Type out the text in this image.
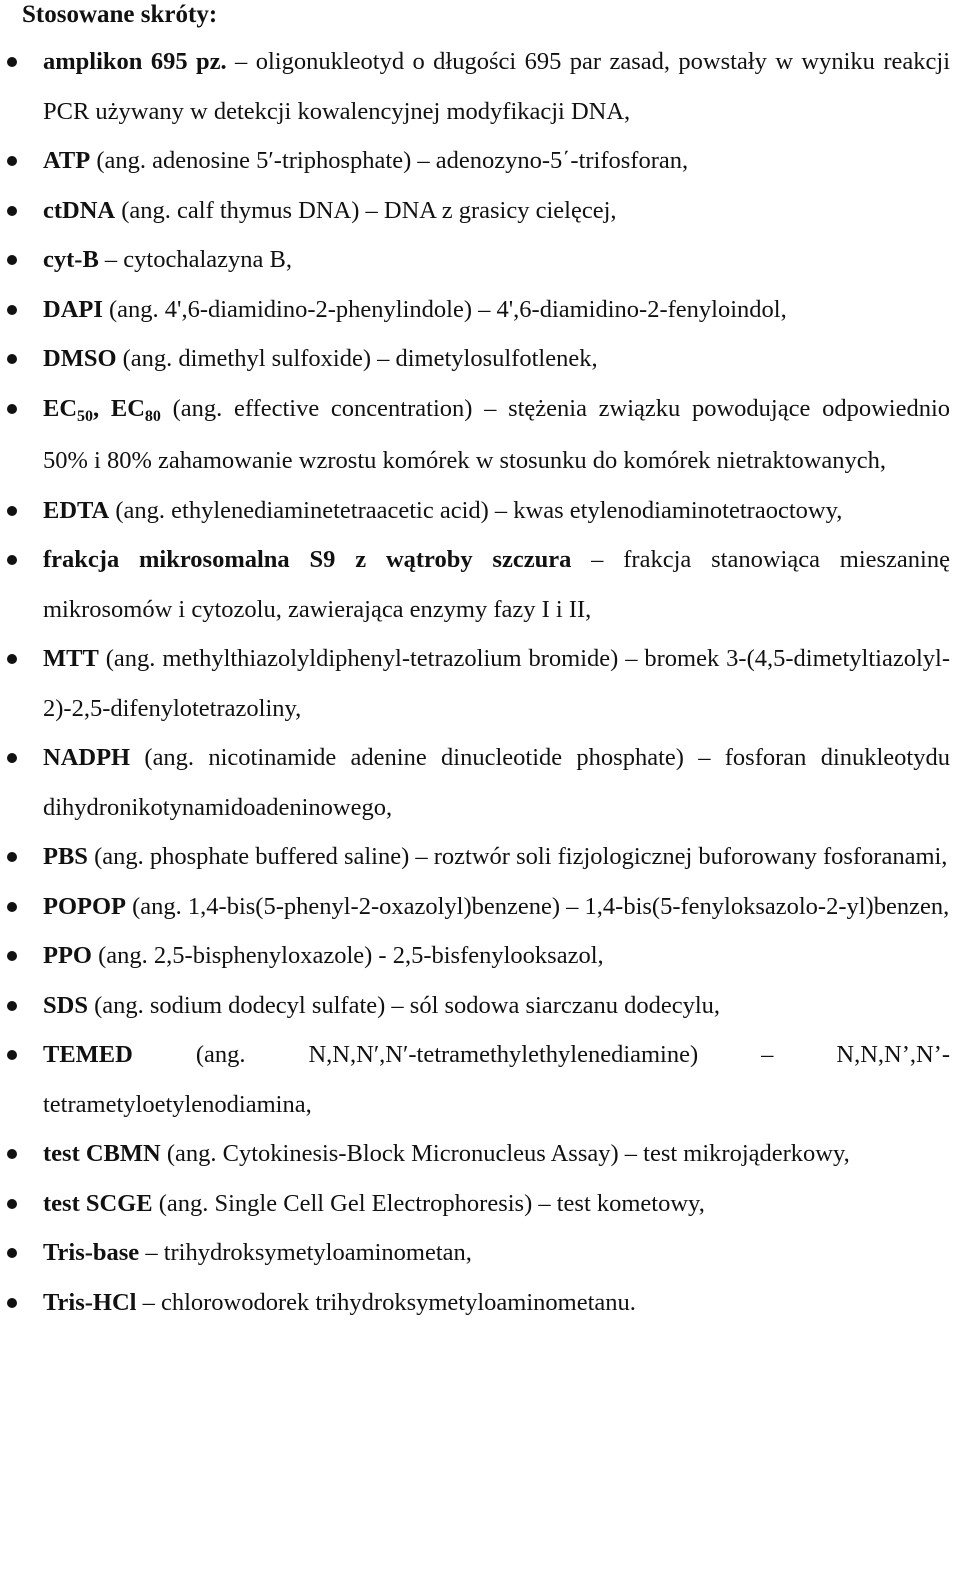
Stosowane skróty:
amplikon 695 pz. – oligonukleotyd o długości 695 par zasad, powstały w wyniku reakcji PCR używany w detekcji kowalencyjnej modyfikacji DNA,
ATP (ang. adenosine 5′-triphosphate) – adenozyno-5΄-trifosforan,
ctDNA (ang. calf thymus DNA) – DNA z grasicy cielęcej,
cyt-B – cytochalazyna B,
DAPI (ang. 4',6-diamidino-2-phenylindole) – 4',6-diamidino-2-fenyloindol,
DMSO (ang. dimethyl sulfoxide) – dimetylosulfotlenek,
$EC_{50}$, $EC_{80}$ (ang. effective concentration) – stężenia związku powodujące odpowiednio 50% i 80% zahamowanie wzrostu komórek w stosunku do komórek nietraktowanych,
EDTA (ang. ethylenediaminetetraacetic acid) – kwas etylenodiaminotetraoctowy,
frakcja mikrosomalna S9 z wątroby szczura – frakcja stanowiąca mieszaninę mikrosomów i cytozolu, zawierająca enzymy fazy I i II,
MTT (ang. methylthiazolyldiphenyl-tetrazolium bromide) – bromek 3-(4,5-dimetyltiazolyl-2)-2,5-difenylotetrazoliny,
NADPH (ang. nicotinamide adenine dinucleotide phosphate) – fosforan dinukleotydu dihydronikotynamidoadeninowego,
PBS (ang. phosphate buffered saline) – roztwór soli fizjologicznej buforowany fosforanami,
POPOP (ang. 1,4-bis(5-phenyl-2-oxazolyl)benzene) – 1,4-bis(5-fenyloksazolo-2-yl)benzen,
PPO (ang. 2,5-bisphenyloxazole) - 2,5-bisfenylooksazol,
SDS (ang. sodium dodecyl sulfate) – sól sodowa siarczanu dodecylu,
TEMED (ang. N,N,N′,N′-tetramethylethylenediamine) – N,N,N’,N’-tetrametyloetylenodiamina,
test CBMN (ang. Cytokinesis-Block Micronucleus Assay) – test mikrojąderkowy,
test SCGE (ang. Single Cell Gel Electrophoresis) – test kometowy,
Tris-base – trihydroksymetyloaminometan,
Tris-HCl – chlorowodorek trihydroksymetyloaminometanu.
